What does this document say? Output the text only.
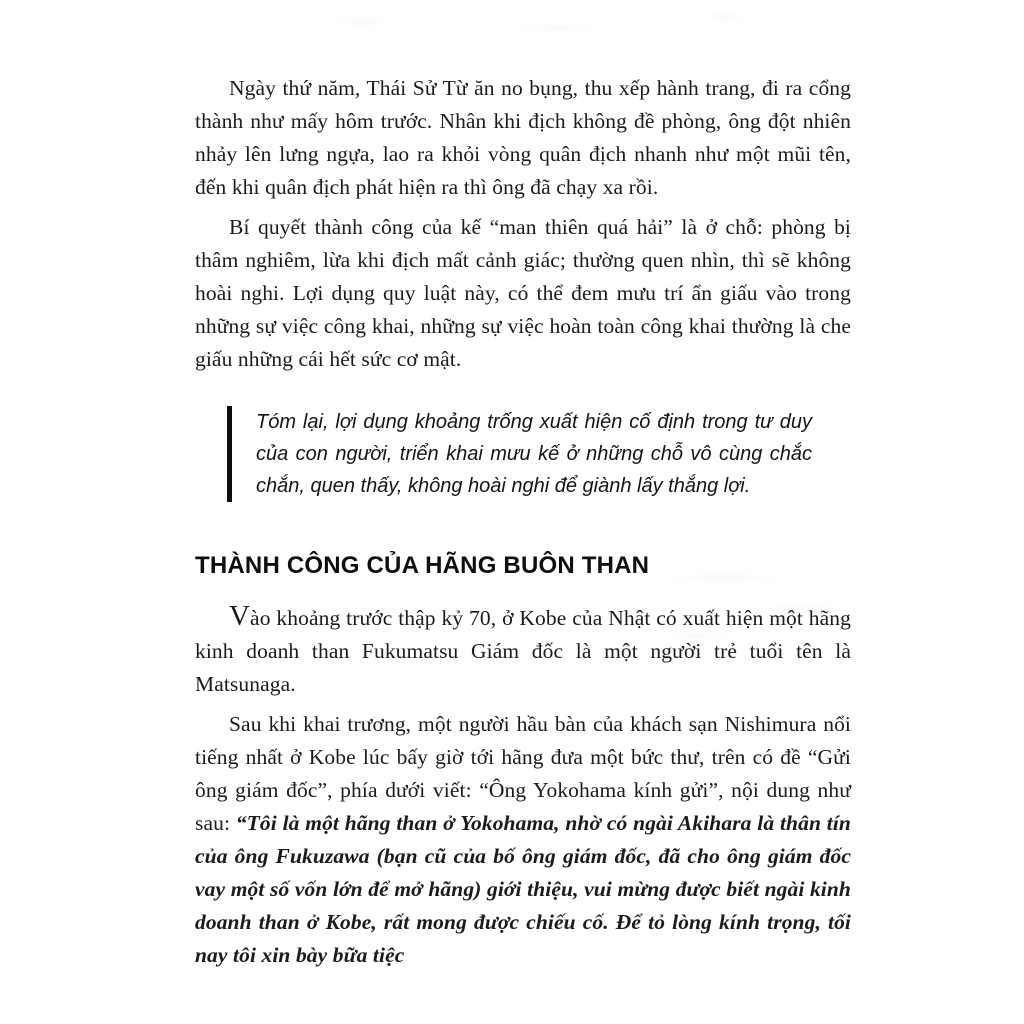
Ngày thứ năm, Thái Sử Từ ăn no bụng, thu xếp hành trang, đi ra cổng thành như mấy hôm trước. Nhân khi địch không đề phòng, ông đột nhiên nhảy lên lưng ngựa, lao ra khỏi vòng quân địch nhanh như một mũi tên, đến khi quân địch phát hiện ra thì ông đã chạy xa rồi.

Bí quyết thành công của kế “man thiên quá hải” là ở chỗ: phòng bị thâm nghiêm, lừa khi địch mất cảnh giác; thường quen nhìn, thì sẽ không hoài nghi. Lợi dụng quy luật này, có thể đem mưu trí ẩn giấu vào trong những sự việc công khai, những sự việc hoàn toàn công khai thường là che giấu những cái hết sức cơ mật.

Tóm lại, lợi dụng khoảng trống xuất hiện cố định trong tư duy của con người, triển khai mưu kế ở những chỗ vô cùng chắc chắn, quen thấy, không hoài nghi để giành lấy thắng lợi.
THÀNH CÔNG CỦA HÃNG BUÔN THAN

Vào khoảng trước thập kỷ 70, ở Kobe của Nhật có xuất hiện một hãng kinh doanh than Fukumatsu Giám đốc là một người trẻ tuổi tên là Matsunaga.

Sau khi khai trương, một người hầu bàn của khách sạn Nishimura nổi tiếng nhất ở Kobe lúc bấy giờ tới hãng đưa một bức thư, trên có đề “Gửi ông giám đốc”, phía dưới viết: “Ông Yokohama kính gửi”, nội dung như sau: “Tôi là một hãng than ở Yokohama, nhờ có ngài Akihara là thân tín của ông Fukuzawa (bạn cũ của bố ông giám đốc, đã cho ông giám đốc vay một số vốn lớn để mở hãng) giới thiệu, vui mừng được biết ngài kinh doanh than ở Kobe, rất mong được chiếu cố. Để tỏ lòng kính trọng, tối nay tôi xin bày bữa tiệc
